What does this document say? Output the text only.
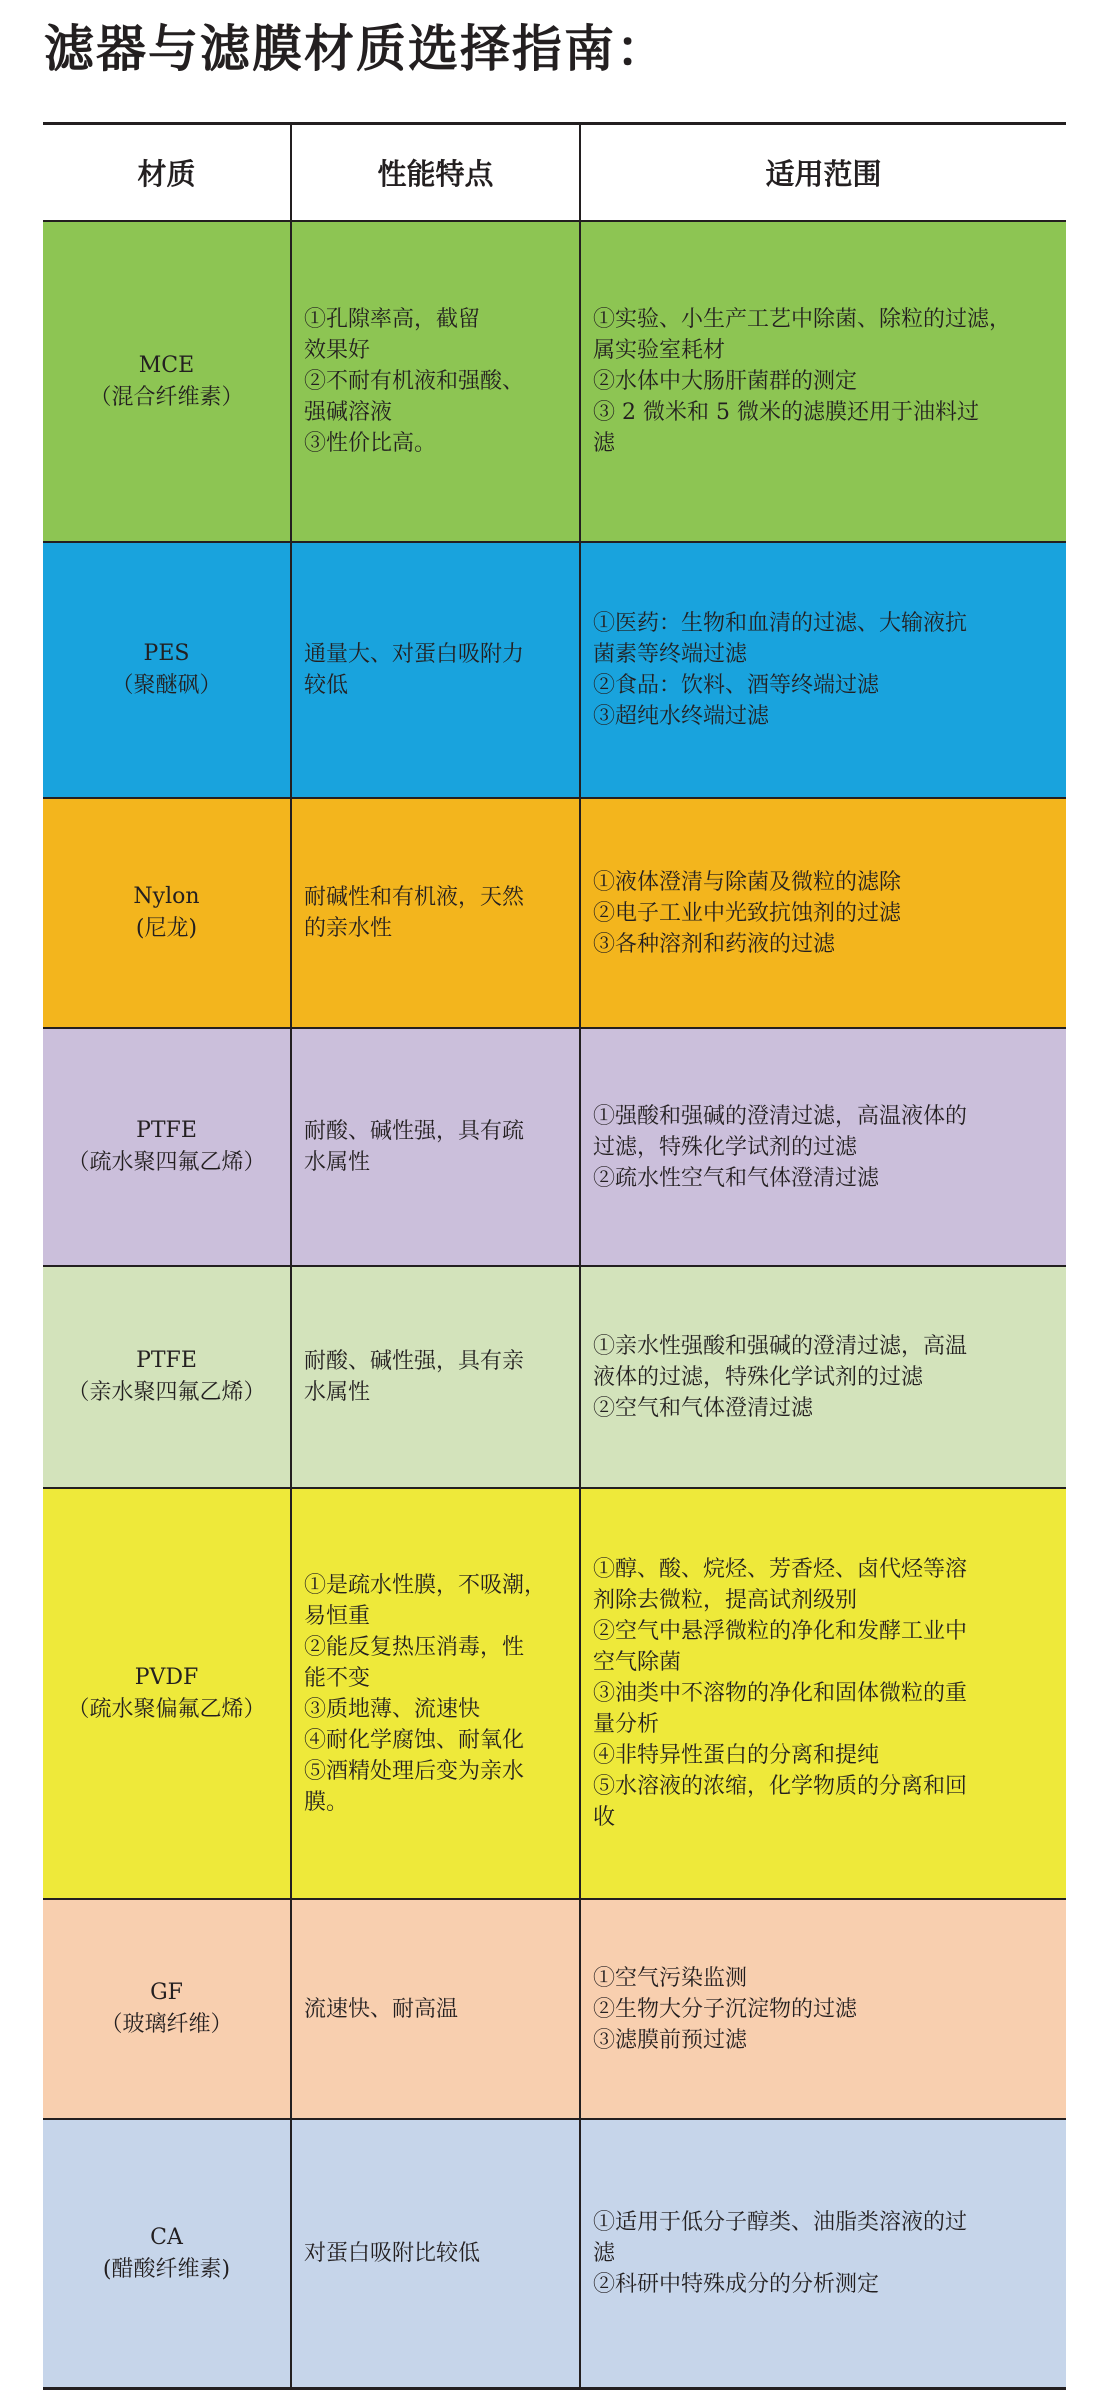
滤器与滤膜材质选择指南：
材质	性能特点	适用范围
MCE
（混合纤维素）
①孔隙率高，截留
效果好
②不耐有机液和强酸、
强碱溶液
③性价比高。
①实验、小生产工艺中除菌、除粒的过滤，
属实验室耗材
②水体中大肠肝菌群的测定
③ 2 微米和 5 微米的滤膜还用于油料过
滤
PES
（聚醚砜）
通量大、对蛋白吸附力
较低
①医药：生物和血清的过滤、大输液抗
菌素等终端过滤
②食品：饮料、酒等终端过滤
③超纯水终端过滤
Nylon
(尼龙)
耐碱性和有机液，天然
的亲水性
①液体澄清与除菌及微粒的滤除
②电子工业中光致抗蚀剂的过滤
③各种溶剂和药液的过滤
PTFE
（疏水聚四氟乙烯）
耐酸、碱性强，具有疏
水属性
①强酸和强碱的澄清过滤，高温液体的
过滤，特殊化学试剂的过滤
②疏水性空气和气体澄清过滤
PTFE
（亲水聚四氟乙烯）
耐酸、碱性强，具有亲
水属性
①亲水性强酸和强碱的澄清过滤，高温
液体的过滤，特殊化学试剂的过滤
②空气和气体澄清过滤
PVDF
（疏水聚偏氟乙烯）
①是疏水性膜，不吸潮，
易恒重
②能反复热压消毒，性
能不变
③质地薄、流速快
④耐化学腐蚀、耐氧化
⑤酒精处理后变为亲水
膜。
①醇、酸、烷烃、芳香烃、卤代烃等溶
剂除去微粒，提高试剂级别
②空气中悬浮微粒的净化和发酵工业中
空气除菌
③油类中不溶物的净化和固体微粒的重
量分析
④非特异性蛋白的分离和提纯
⑤水溶液的浓缩，化学物质的分离和回
收
GF
（玻璃纤维）
流速快、耐高温
①空气污染监测
②生物大分子沉淀物的过滤
③滤膜前预过滤
CA
(醋酸纤维素)
对蛋白吸附比较低
①适用于低分子醇类、油脂类溶液的过
滤
②科研中特殊成分的分析测定
